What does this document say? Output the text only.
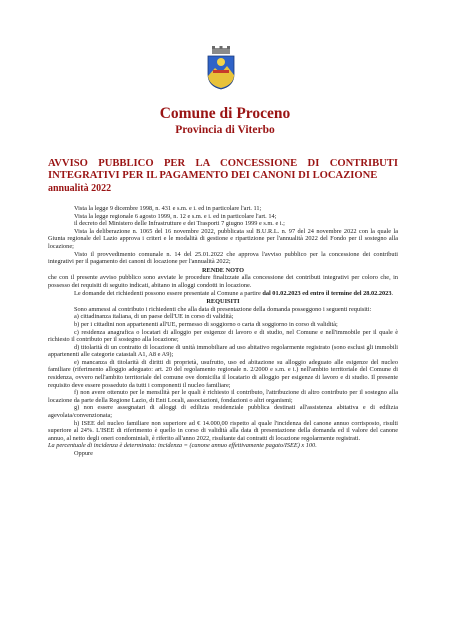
Comune di Proceno
Provincia di Viterbo
AVVISO PUBBLICO PER LA CONCESSIONE DI CONTRIBUTI INTEGRATIVI PER IL PAGAMENTO DEI CANONI DI LOCAZIONE
annualità 2022

Vista la legge 9 dicembre 1998, n. 431 e s.m. e i. ed in particolare l'art. 11;

Vista la legge regionale 6 agosto 1999, n. 12 e s.m. e i. ed in particolare l'art. 14;

il decreto del Ministero delle Infrastrutture e dei Trasporti 7 giugno 1999 e s.m. e i.;

Vista la deliberazione n. 1065 del 16 novembre 2022, pubblicata sul B.U.R.L. n. 97 del 24 novembre 2022 con la quale la Giunta regionale del Lazio approva i criteri e le modalità di gestione e ripartizione per l'annualità 2022 del Fondo per il sostegno alla locazione;

Visto il provvedimento comunale n. 14 del 25.01.2022 che approva l'avviso pubblico per la concessione dei contributi integrativi per il pagamento dei canoni di locazione per l'annualità 2022;

RENDE NOTO

che con il presente avviso pubblico sono avviate le procedure finalizzate alla concessione dei contributi integrativi per coloro che, in possesso dei requisiti di seguito indicati, abitano in alloggi condotti in locazione.

Le domande dei richiedenti possono essere presentate al Comune a partire dal 01.02.2023 ed entro il termine del 28.02.2023.

REQUISITI

Sono ammessi al contributo i richiedenti che alla data di presentazione della domanda posseggono i seguenti requisiti:

a) cittadinanza italiana, di un paese dell'UE in corso di validità;

b) per i cittadini non appartenenti all'UE, permesso di soggiorno o carta di soggiorno in corso di validità;

c) residenza anagrafica o locatari di alloggio per esigenze di lavoro e di studio, nel Comune e nell'immobile per il quale è richiesto il contributo per il sostegno alla locazione;

d) titolarità di un contratto di locazione di unità immobiliare ad uso abitativo regolarmente registrato (sono esclusi gli immobili appartenenti alle categorie catastali A1, A8 e A9);

e) mancanza di titolarità di diritti di proprietà, usufrutto, uso ed abitazione su alloggio adeguato alle esigenze del nucleo familiare (riferimento alloggio adeguato: art. 20 del regolamento regionale n. 2/2000 e s.m. e i.) nell'ambito territoriale del Comune di residenza, ovvero nell'ambito territoriale del comune ove domicilia il locatario di alloggio per esigenze di lavoro e di studio. Il presente requisito deve essere posseduto da tutti i componenti il nucleo familiare;

f) non avere ottenuto per le mensilità per le quali è richiesto il contributo, l'attribuzione di altro contributo per il sostegno alla locazione da parte della Regione Lazio, di Enti Locali, associazioni, fondazioni o altri organismi;

g) non essere assegnatari di alloggi di edilizia residenziale pubblica destinati all'assistenza abitativa e di edilizia agevolata/convenzionata;

h) ISEE del nucleo familiare non superiore ad € 14.000,00 rispetto al quale l'incidenza del canone annuo corrisposto, risulti superiore al 24%. L'ISEE di riferimento è quello in corso di validità alla data di presentazione della domanda ed il valore del canone annuo, al netto degli oneri condominiali, è riferito all'anno 2022, risultante dai contratti di locazione regolarmente registrati.

La percentuale di incidenza è determinata: incidenza = (canone annuo effettivamente pagato/ISEE) x 100.

Oppure
